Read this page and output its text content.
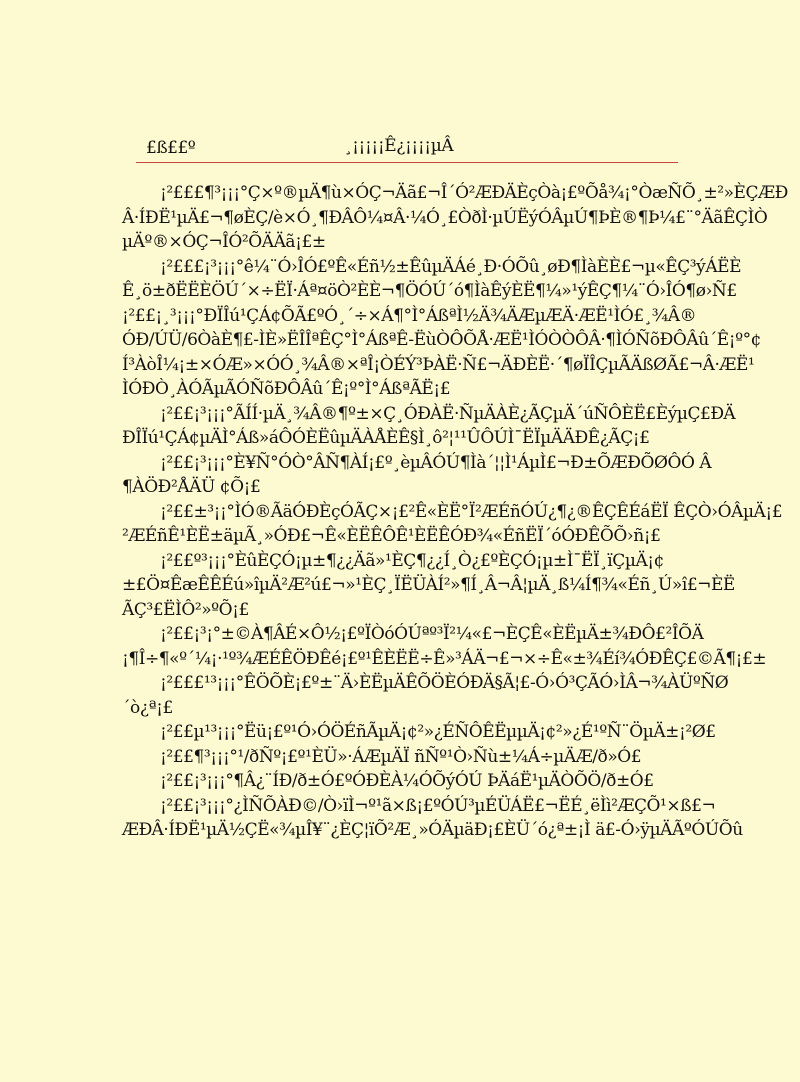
£ß££º	¸¡¡¡¡¡Ê¿¡¡¡¡µÂ

¡²£££¶³¡¡¡°Ç×º®µÄ¶ù×ÓÇ¬Äã£¬Î´Ó²ÆÐÄÈçÒà¡£ºÕå¾¡°ÒæÑÕ¸±²»ÈÇÆÐ
Â·ÍÐË¹µÄ£¬¶øÈÇ/è×Ó¸¶ÐÂÔ¼¤Â·¼Ó¸£ÒðÌ·µÚËýÓÂµÚ¶ÞÈ®¶Þ¼£¨°ÄãÊÇÌÒ
µÄº®×ÓÇ¬ÎÓ²ÕÄÄã¡£±

¡²£££¡³¡¡¡°ê¼¨Ó›ÎÓ£ºÊ«Éñ½±ÊûµÄÁé¸Ð·ÓÕû¸øÐ¶ÌàÈÈ£¬µ«ÊÇ³ýÁËÈ
Ê¸ö±ðËËÈÖÚ´×÷ËÏ·Áª¤öÒ²ÈÈ¬¶ÖÓÚ´ó¶ÌàÊýÈË¶¼»¹ýÊÇ¶¼¨Ó›ÎÓ¶ø›Ñ£
¡²££¡¸³¡¡¡°ÐÏÎú¹ÇÁ¢ÕÃ£ºÓ¸´÷×Á¶°Ì°ÁßªÌ½Ä¾ÄÆµÆÄ·ÆË¹ÌÓ£¸¾Â®
ÓÐ/ÚÜ/6ÒàÈ¶£-ÌÈ»ËÎÎªÊÇ°Ì°ÁßªÊ-ËùÒÔÕÅ·ÆË¹ÌÓÒÒÔÂ·¶ÌÓÑõÐÔÂû´Ê¡º°¢
Í³ÀòÎ¼¡±×ÓÆ»×ÓÓ¸¾Â®×ªÎ¡ÒÉÝ³ÞÀË·Ñ£¬ÄÐÈË·´¶øÏÎÇµÃÄßØÃ£¬Â·ÆË¹
ÌÓÐÒ¸ÀÓÃµÃÓÑõÐÔÂû´Ê¡º°Ì°ÁßªÃË¡£

¡²££¡³¡¡¡°ÃÍÍ·µÄ¸¾Â®¶º±×Ç¸ÓÐÀË·ÑµÄÀÈ¿ÃÇµÄ´úÑÔÈË£ÈýµÇ£ÐÄ
ÐÎÏú¹ÇÁ¢µÄÌ°Áß»áÔÓÈËûµÄÀÅÈÊ§Ì¸ô²¦¹¹ÛÔÚÌ¯ËÏµÄÄÐÊ¿ÃÇ¡£

¡²££¡³¡¡¡°È¥Ñ°ÓÒ°ÂÑ¶ÀÍ¡£º¸èµÂÓÚ¶Ìà´¦¦Ì¹ÁµÌ£¬Ð±ÕÆÐÕØÔÓ Â
¶ÀÖÐ²ÅÄÜ ¢Õ¡£

¡²££±³¡¡°ÌÓ®ÃäÓÐÈçÓÃÇ×¡£²Ê«ÈË°Ï²ÆÉñÓÚ¿¶¿®ÊÇÊÉáËÏ ÊÇÒ›ÓÂµÄ¡£
²ÆÉñÊ¹ÈË±äµÃ¸»ÓÐ£¬Ê«ÈËÊÔÊ¹ÈËÊÓÐ¾«ÉñËÏ´óÓÐÊÕÕ›ñ¡£

¡²££º³¡¡¡°ÈûÈÇÓ¡µ±¶¿¿Äã»¹ÈÇ¶¿¿Í¸Ò¿£ºÈÇÓ¡µ±Ì¯ËÏ¸ïÇµÄ¡¢
±£Ö¤ÊæÊÊÉú»îµÄ²Æ²ú£¬»¹ÈÇ¸ÏËÜÀÍ²»¶Í¸Â¬Â¦µÄ¸ß¼Í¶¾«Éñ¸Ú»î£¬ÈË
ÃÇ³£ËÌÔ²»ºÕ¡£

¡²££¡³¡°±©À¶ÂÉ×Ô½¡£ºÏÒóÓÚªº³Ï²¼«£¬ÈÇÊ«ÈËµÄ±¾ÐÔ£²ÎÕÄ
¡¶Î÷¶«º´¼¡·¹º¾ÆÉÊÖÐÊé¡£º¹ÊÈËË÷Ê»³ÁÄ¬£¬×÷Ê«±¾Éí¾ÓÐÊÇ£©Ã¶¡£±

¡²£££¹³¡¡¡°ÊÖÕÈ¡£º±¨Ä›ÈËµÄÊÕÖÈÓÐÄ§Ã¦£-Ó›Ó³ÇÃÓ›ÌÂ¬¾ÀÜºÑØ
´ò¿ª¡£

¡²££µ¹³¡¡¡°Ëü¡£º¹Ó›ÓÖÉñÃµÄ¡¢²»¿ÉÑÔÊËµµÄ¡¢²»¿É¹ºÑ¨ÖµÄ±¡²Ø£

¡²££¶³¡¡¡°¹/ðÑº¡£º¹ÈÜ»·ÁÆµÄÏ ñÑº¹Ò›Ñù±¼Á÷µÄÆ/ð»Ó£

¡²££¡³¡¡¡°¶Â¿¨ÍÐ/ð±Ó£ºÓÐÈÀ¼ÓÕýÓÚ ÞÄáË¹µÄÒÕÖ/ð±Ó£

¡²££¡³¡¡¡°¿ÌÑÕÀÐ©/Ò›ïÌ¬º¹ã×ß¡£ºÓÚ³µÉÜÁË£¬ËÉ¸ëÌì²ÆÇÕ¹×ß£¬
ÆÐÂ·ÍÐË¹µÄ½ÇË«¾µÎ¥¨¿ÈÇ¦ïÕ²Æ¸»ÓÄµäÐ¡£ÈÜ´ó¿ª±¡Ì ä£-Ó›ÿµÄÃºÓÚÕû
